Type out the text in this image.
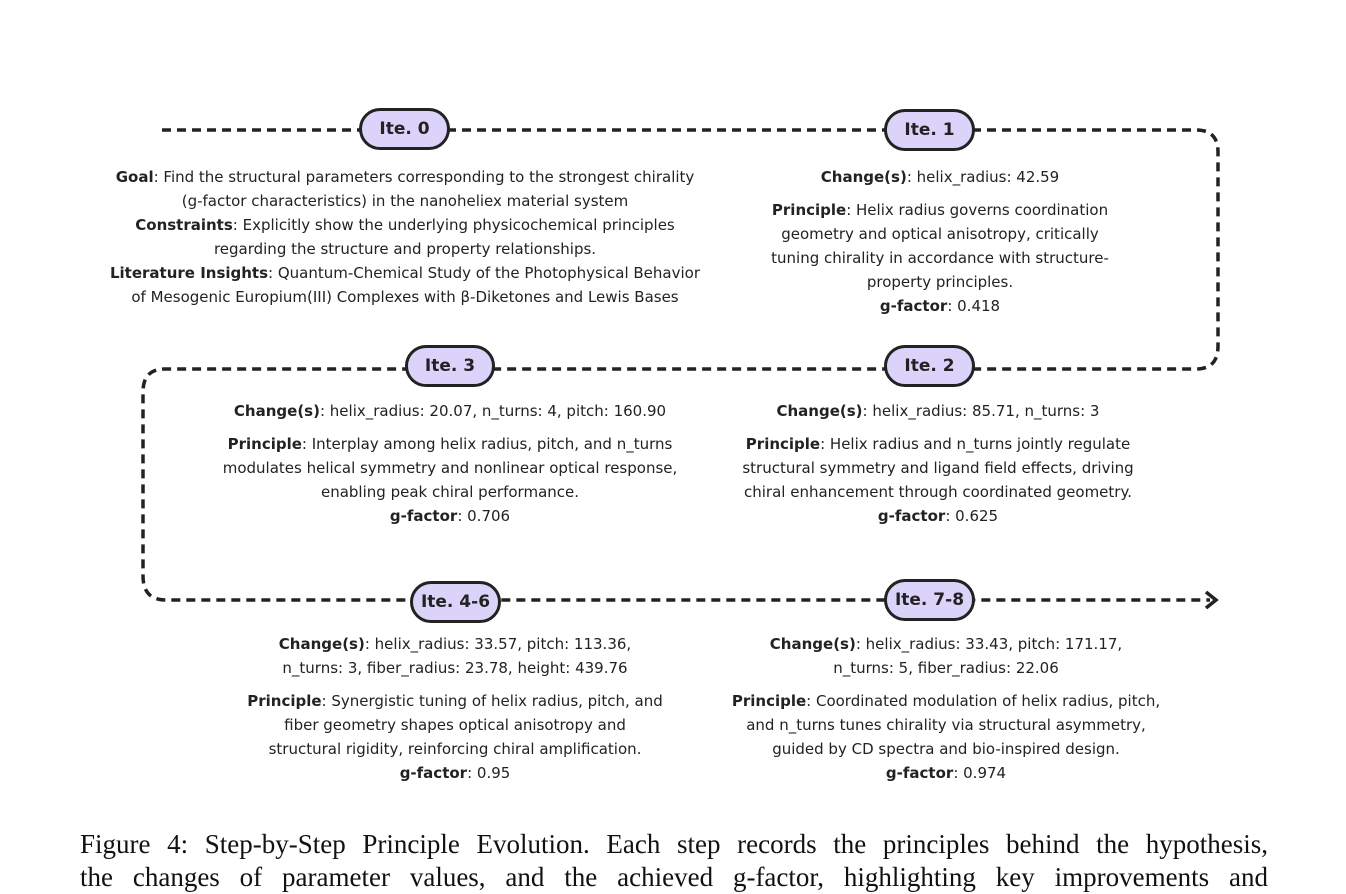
Ite. 0
Goal: Find the structural parameters corresponding to the strongest chirality
(g-factor characteristics) in the nanoheliex material system
Constraints: Explicitly show the underlying physicochemical principles
regarding the structure and property relationships.
Literature Insights: Quantum-Chemical Study of the Photophysical Behavior
of Mesogenic Europium(III) Complexes with β-Diketones and Lewis Bases
Ite. 1
Change(s): helix_radius: 42.59
Principle: Helix radius governs coordination
geometry and optical anisotropy, critically
tuning chirality in accordance with structure-
property principles.
g-factor: 0.418
Ite. 3
Change(s): helix_radius: 20.07, n_turns: 4, pitch: 160.90
Principle: Interplay among helix radius, pitch, and n_turns
modulates helical symmetry and nonlinear optical response,
enabling peak chiral performance.
g-factor: 0.706
Ite. 2
Change(s): helix_radius: 85.71, n_turns: 3
Principle: Helix radius and n_turns jointly regulate
structural symmetry and ligand field effects, driving
chiral enhancement through coordinated geometry.
g-factor: 0.625
Ite. 4-6
Change(s): helix_radius: 33.57, pitch: 113.36,
n_turns: 3, fiber_radius: 23.78, height: 439.76
Principle: Synergistic tuning of helix radius, pitch, and
fiber geometry shapes optical anisotropy and
structural rigidity, reinforcing chiral amplification.
g-factor: 0.95
Ite. 7-8
Change(s): helix_radius: 33.43, pitch: 171.17,
n_turns: 5, fiber_radius: 22.06
Principle: Coordinated modulation of helix radius, pitch,
and n_turns tunes chirality via structural asymmetry,
guided by CD spectra and bio-inspired design.
g-factor: 0.974
Figure 4: Step-by-Step Principle Evolution. Each step records the principles behind the hypothesis,
the changes of parameter values, and the achieved g-factor, highlighting key improvements and
